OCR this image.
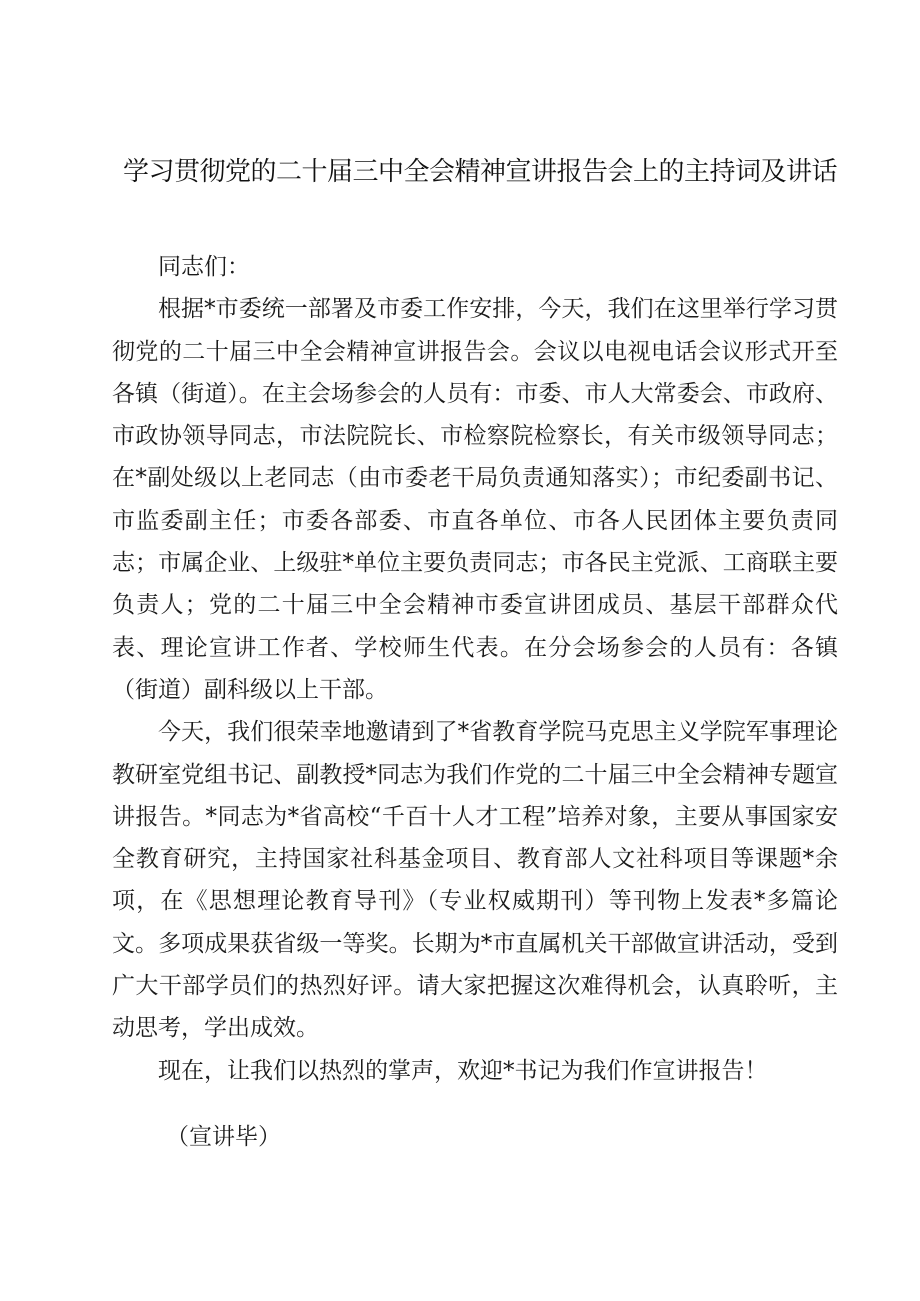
学习贯彻党的二十届三中全会精神宣讲报告会上的主持词及讲话

同志们：

根据*市委统一部署及市委工作安排，今天，我们在这里举行学习贯彻党的二十届三中全会精神宣讲报告会。会议以电视电话会议形式开至各镇（街道）。在主会场参会的人员有：市委、市人大常委会、市政府、市政协领导同志，市法院院长、市检察院检察长，有关市级领导同志；在*副处级以上老同志（由市委老干局负责通知落实）；市纪委副书记、市监委副主任；市委各部委、市直各单位、市各人民团体主要负责同志；市属企业、上级驻*单位主要负责同志；市各民主党派、工商联主要负责人；党的二十届三中全会精神市委宣讲团成员、基层干部群众代表、理论宣讲工作者、学校师生代表。在分会场参会的人员有：各镇（街道）副科级以上干部。

今天，我们很荣幸地邀请到了*省教育学院马克思主义学院军事理论教研室党组书记、副教授*同志为我们作党的二十届三中全会精神专题宣讲报告。*同志为*省高校“千百十人才工程”培养对象，主要从事国家安全教育研究，主持国家社科基金项目、教育部人文社科项目等课题*余项，在《思想理论教育导刊》（专业权威期刊）等刊物上发表*多篇论文。多项成果获省级一等奖。长期为*市直属机关干部做宣讲活动，受到广大干部学员们的热烈好评。请大家把握这次难得机会，认真聆听，主动思考，学出成效。

现在，让我们以热烈的掌声，欢迎*书记为我们作宣讲报告！

（宣讲毕）
